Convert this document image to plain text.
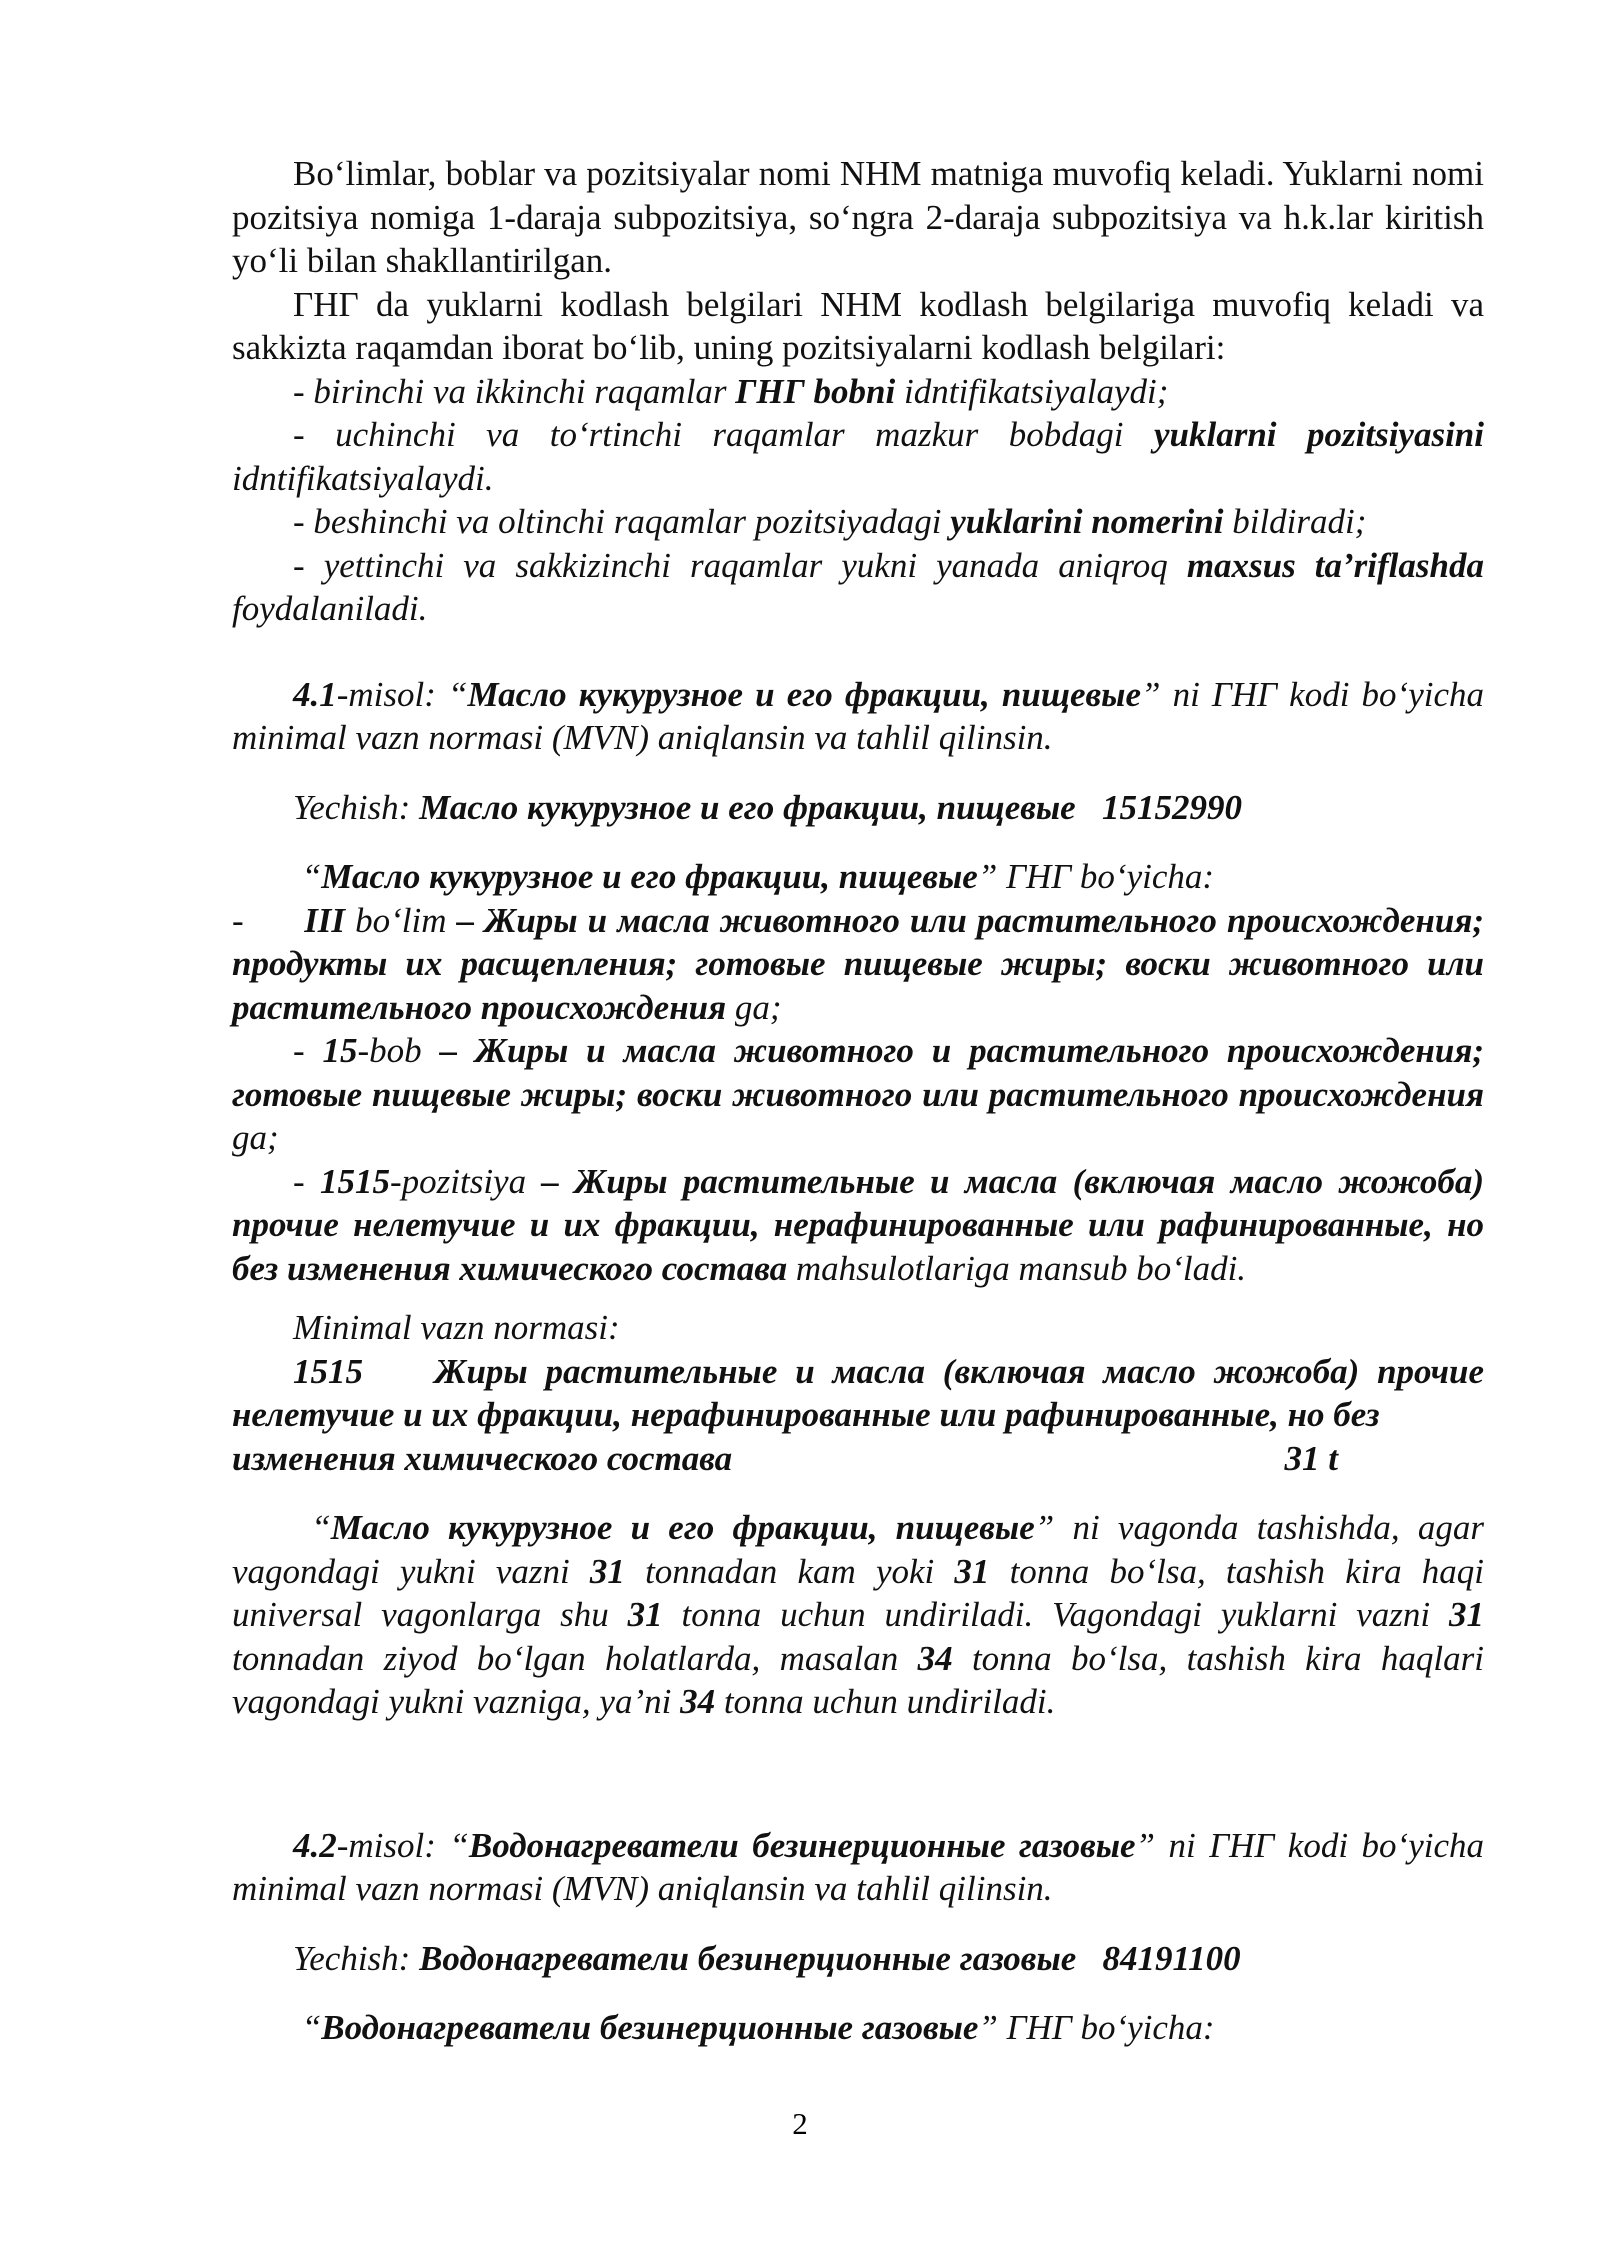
Bo‘limlar, boblar va pozitsiyalar nomi NHM matniga muvofiq keladi. Yuklarni nomi pozitsiya nomiga 1-daraja subpozitsiya, so‘ngra 2-daraja subpozitsiya va h.k.lar kiritish yo‘li bilan shakllantirilgan.

ГНГ da yuklarni kodlash belgilari NHM kodlash belgilariga muvofiq keladi va sakkizta raqamdan iborat bo‘lib, uning pozitsiyalarni kodlash belgilari:

- birinchi va ikkinchi raqamlar ГНГ bobni idntifikatsiyalaydi;

- uchinchi va to‘rtinchi raqamlar mazkur bobdagi yuklarni pozitsiyasini idntifikatsiyalaydi.

- beshinchi va oltinchi raqamlar pozitsiyadagi yuklarini nomerini bildiradi;

- yettinchi va sakkizinchi raqamlar yukni yanada aniqroq maxsus ta’riflashda foydalaniladi.

4.1-misol: “Масло кукурузное и его фракции, пищевые” ni ГНГ kodi bo‘yicha minimal vazn normasi (MVN) aniqlansin va tahlil qilinsin.

Yechish: Масло кукурузное и его фракции, пищевые 15152990

“Масло кукурузное и его фракции, пищевые” ГНГ bo‘yicha:

- III bo‘lim – Жиры и масла животного или растительного происхождения; продукты их расщепления; готовые пищевые жиры; воски животного или растительного происхождения ga;

- 15-bob – Жиры и масла животного и растительного происхождения; готовые пищевые жиры; воски животного или растительного происхождения ga;

- 1515-pozitsiya – Жиры растительные и масла (включая масло жожоба) прочие нелетучие и их фракции, нерафинированные или рафинированные, но без изменения химического состава mahsulotlariga mansub bo‘ladi.

Minimal vazn normasi:

1515 Жиры растительные и масла (включая масло жожоба) прочие нелетучие и их фракции, нерафинированные или рафинированные, но без

изменения химического состава	31 t

“Масло кукурузное и его фракции, пищевые” ni vagonda tashishda, agar vagondagi yukni vazni 31 tonnadan kam yoki 31 tonna bo‘lsa, tashish kira haqi universal vagonlarga shu 31 tonna uchun undiriladi. Vagondagi yuklarni vazni 31 tonnadan ziyod bo‘lgan holatlarda, masalan 34 tonna bo‘lsa, tashish kira haqlari vagondagi yukni vazniga, ya’ni 34 tonna uchun undiriladi.

4.2-misol: “Водонагреватели безинерционные газовые” ni ГНГ kodi bo‘yicha minimal vazn normasi (MVN) aniqlansin va tahlil qilinsin.

Yechish: Водонагреватели безинерционные газовые 84191100

“Водонагреватели безинерционные газовые” ГНГ bo‘yicha:

2
